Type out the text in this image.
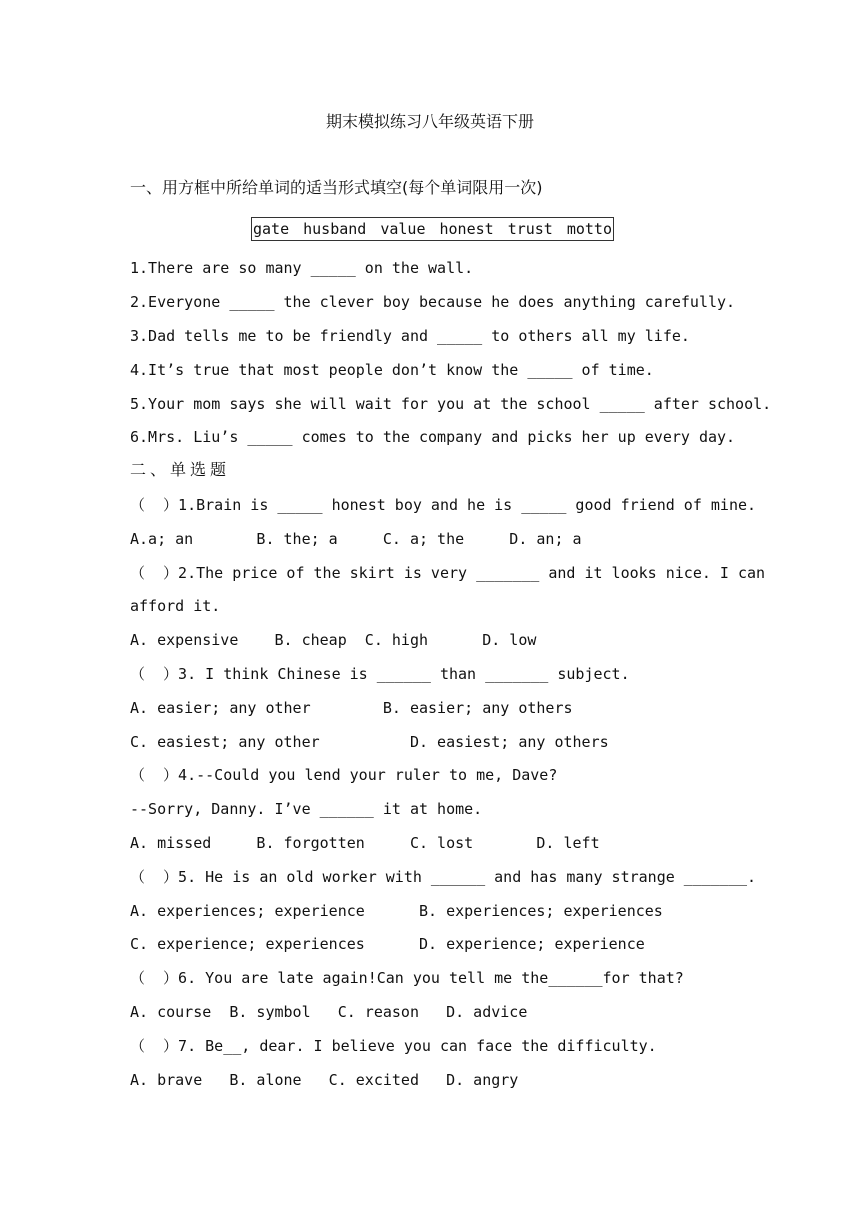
期末模拟练习八年级英语下册
一、用方框中所给单词的适当形式填空(每个单词限用一次)
gate husband value honest trust motto
1.There are so many _____ on the wall.
2.Everyone _____ the clever boy because he does anything carefully.
3.Dad tells me to be friendly and _____ to others all my life.
4.It’s true that most people don’t know the _____ of time.
5.Your mom says she will wait for you at the school _____ after school.
6.Mrs. Liu’s _____ comes to the company and picks her up every day.
二、单选题
（  ）1.Brain is _____ honest boy and he is _____ good friend of mine.
A.a; an       B. the; a     C. a; the     D. an; a
（  ）2.The price of the skirt is very _______ and it looks nice. I can
afford it.
A. expensive    B. cheap  C. high      D. low
（  ）3. I think Chinese is ______ than _______ subject.
A. easier; any other        B. easier; any others
C. easiest; any other          D. easiest; any others
（  ）4.--Could you lend your ruler to me, Dave?
--Sorry, Danny. I’ve ______ it at home.
A. missed     B. forgotten     C. lost       D. left
（  ）5. He is an old worker with ______ and has many strange _______.
A. experiences; experience      B. experiences; experiences
C. experience; experiences      D. experience; experience
（  ）6. You are late again!Can you tell me the______for that?
A. course  B. symbol   C. reason   D. advice
（  ）7. Be__, dear. I believe you can face the difficulty.
A. brave   B. alone   C. excited   D. angry
